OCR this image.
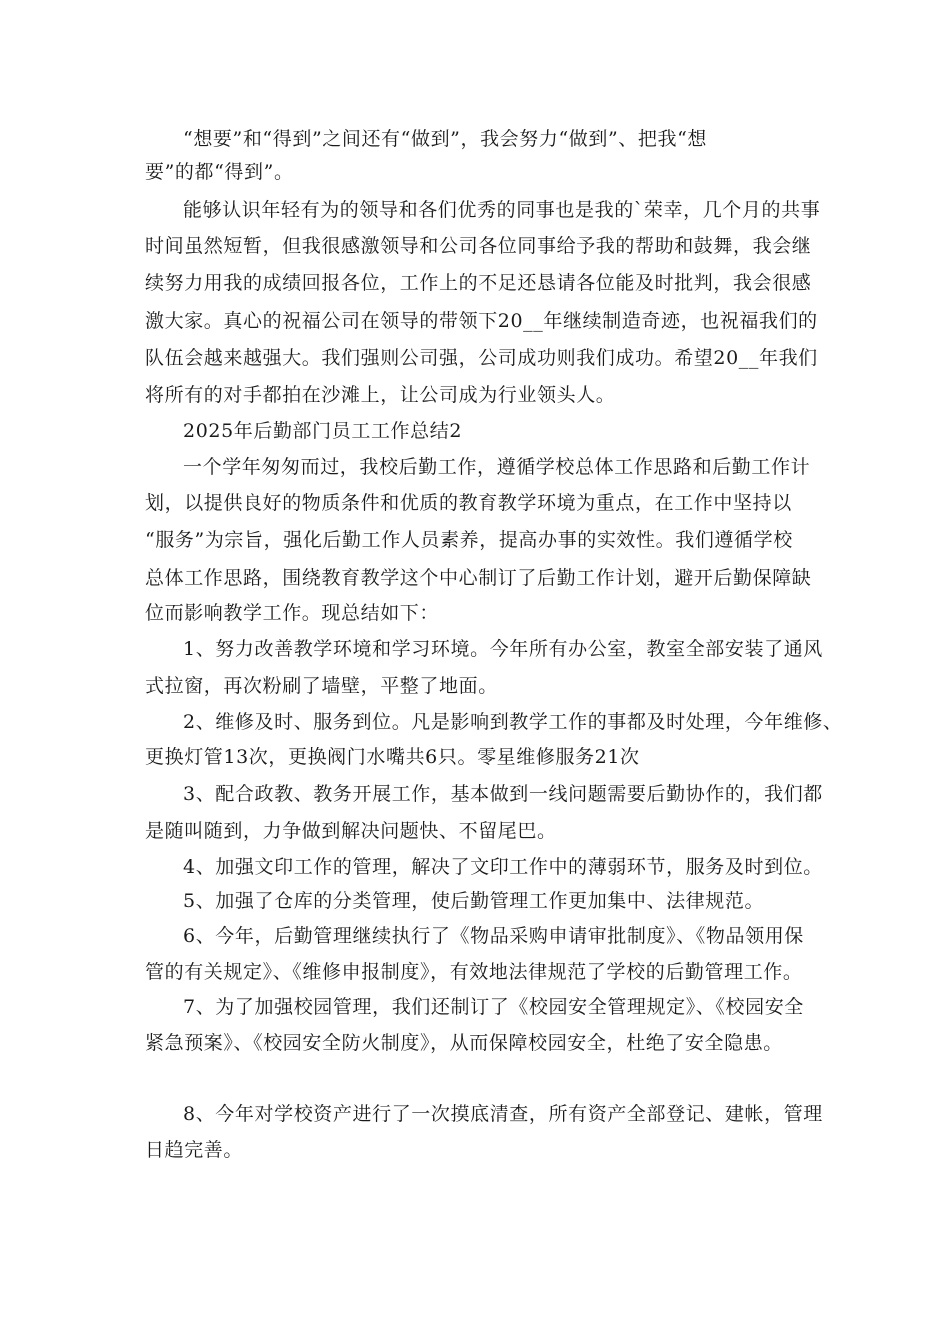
“想要”和“得到”之间还有“做到”，我会努力“做到”、把我“想
要”的都“得到”。
能够认识年轻有为的领导和各们优秀的同事也是我的`荣幸，几个月的共事
时间虽然短暂，但我很感激领导和公司各位同事给予我的帮助和鼓舞，我会继
续努力用我的成绩回报各位，工作上的不足还恳请各位能及时批判，我会很感
激大家。真心的祝福公司在领导的带领下20__年继续制造奇迹，也祝福我们的
队伍会越来越强大。我们强则公司强，公司成功则我们成功。希望20__年我们
将所有的对手都拍在沙滩上，让公司成为行业领头人。
2025年后勤部门员工工作总结2
一个学年匆匆而过，我校后勤工作，遵循学校总体工作思路和后勤工作计
划，以提供良好的物质条件和优质的教育教学环境为重点，在工作中坚持以
“服务”为宗旨，强化后勤工作人员素养，提高办事的实效性。我们遵循学校
总体工作思路，围绕教育教学这个中心制订了后勤工作计划，避开后勤保障缺
位而影响教学工作。现总结如下：
1、努力改善教学环境和学习环境。今年所有办公室，教室全部安装了通风
式拉窗，再次粉刷了墙壁，平整了地面。
2、维修及时、服务到位。凡是影响到教学工作的事都及时处理，今年维修、
更换灯管13次，更换阀门水嘴共6只。零星维修服务21次
3、配合政教、教务开展工作，基本做到一线问题需要后勤协作的，我们都
是随叫随到，力争做到解决问题快、不留尾巴。
4、加强文印工作的管理，解决了文印工作中的薄弱环节，服务及时到位。
5、加强了仓库的分类管理，使后勤管理工作更加集中、法律规范。
6、今年，后勤管理继续执行了《物品采购申请审批制度》、《物品领用保
管的有关规定》、《维修申报制度》，有效地法律规范了学校的后勤管理工作。
7、为了加强校园管理，我们还制订了《校园安全管理规定》、《校园安全
紧急预案》、《校园安全防火制度》，从而保障校园安全，杜绝了安全隐患。
8、今年对学校资产进行了一次摸底清查，所有资产全部登记、建帐，管理
日趋完善。
